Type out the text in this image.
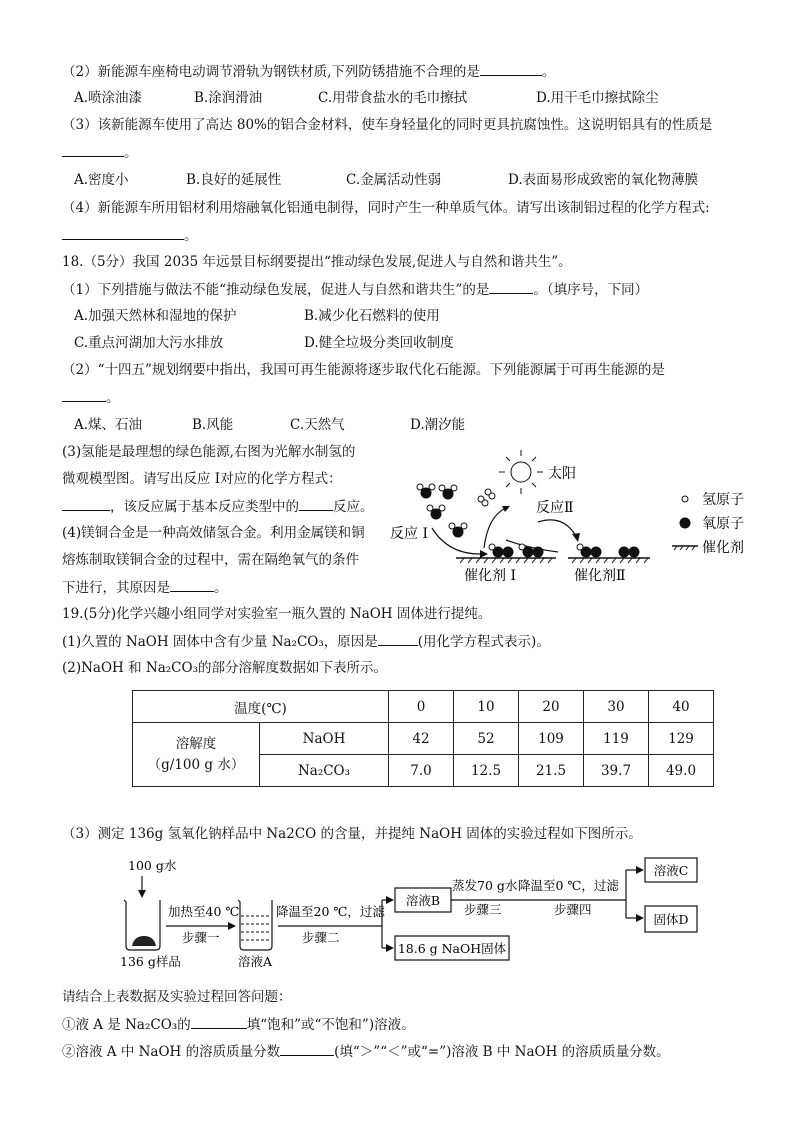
（2）新能源车座椅电动调节滑轨为钢铁材质,下列防锈措施不合理的是	。
A.喷涂油漆	B.涂润滑油	C.用带食盐水的毛巾擦拭	D.用干毛巾擦拭除尘
（3）该新能源车使用了高达 80%的铝合金材料，使车身轻量化的同时更具抗腐蚀性。这说明铝具有的性质是
。
A.密度小	B.良好的延展性	C.金属活动性弱	D.表面易形成致密的氧化物薄膜
（4）新能源车所用铝材利用熔融氧化铝通电制得，同时产生一种单质气体。请写出该制铝过程的化学方程式:
。
18.（5分）我国 2035 年远景目标纲要提出“推动绿色发展,促进人与自然和谐共生”。
（1）下列措施与做法不能“推动绿色发展，促进人与自然和谐共生”的是	。（填序号，下同）
A.加强天然林和湿地的保护	B.减少化石燃料的使用
C.重点河湖加大污水排放	D.健全垃圾分类回收制度
（2）“十四五”规划纲要中指出，我国可再生能源将逐步取代化石能源。下列能源属于可再生能源的是
。
A.煤、石油	B.风能	C.天然气	D.潮汐能
(3)氢能是最理想的绿色能源,右图为光解水制氢的
微观模型图。请写出反应 I对应的化学方程式：
，该反应属于基本反应类型中的	反应。
(4)镁铜合金是一种高效储氢合金。利用金属镁和铜
熔炼制取镁铜合金的过程中，需在隔绝氧气的条件
下进行，其原因是	。
太阳
反应 I
反应Ⅱ
催化剂 I	催化剂Ⅱ
氢原子
氧原子
催化剂
19.(5分)化学兴趣小组同学对实验室一瓶久置的 NaOH 固体进行提纯。
(1)久置的 NaOH 固体中含有少量 Na₂CO₃，原因是	(用化学方程式表示)。
(2)NaOH 和 Na₂CO₃的部分溶解度数据如下表所示。
温度(℃)		0	10	20	30	40
溶解度
（g/100 g 水）	NaOH	42	52	109	119	129
	Na₂CO₃	7.0	12.5	21.5	39.7	49.0
（3）测定 136g 氢氧化钠样品中 Na2CO 的含量，并提纯 NaOH 固体的实验过程如下图所示。
100 g水
136 g样品
加热至40 ℃
步骤一
溶液A
降温至20 ℃，过滤
步骤二
溶液B
18.6 g NaOH固体
蒸发70 g水
步骤三
降温至0 ℃，过滤
步骤四
溶液C
固体D
请结合上表数据及实验过程回答问题：
①液 A 是 Na₂CO₃的	填“饱和”或“不饱和”)溶液。
②溶液 A 中 NaOH 的溶质质量分数	(填“＞”“＜”或“=”)溶液 B 中 NaOH 的溶质质量分数。
